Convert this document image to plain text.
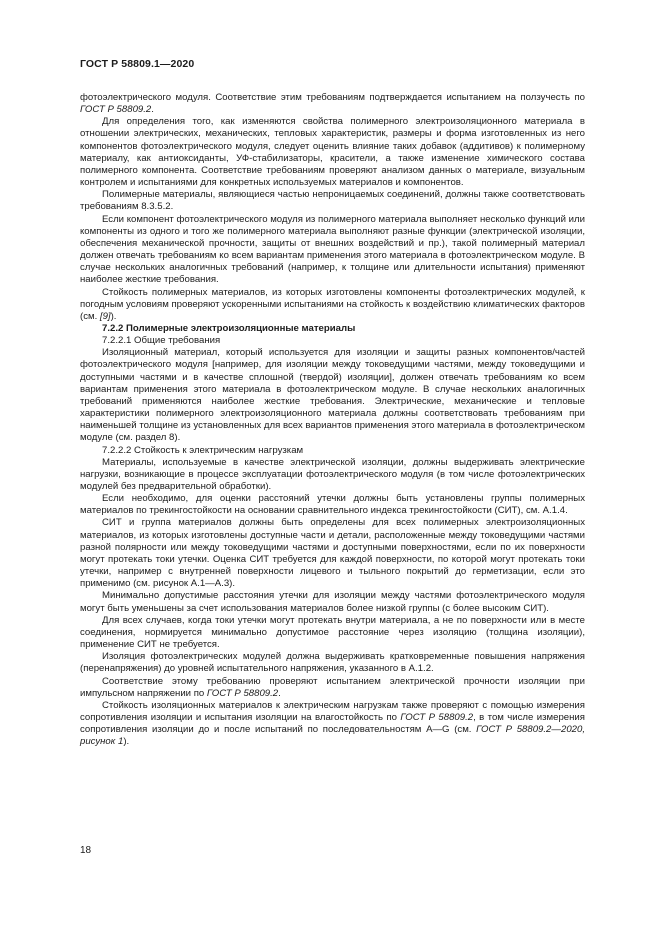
ГОСТ Р 58809.1—2020

фотоэлектрического модуля. Соответствие этим требованиям подтверждается испытанием на ползучесть по ГОСТ Р 58809.2.

Для определения того, как изменяются свойства полимерного электроизоляционного материала в отношении электрических, механических, тепловых характеристик, размеры и форма изготовленных из него компонентов фотоэлектрического модуля, следует оценить влияние таких добавок (аддитивов) к полимерному материалу, как антиоксиданты, УФ-стабилизаторы, красители, а также изменение химического состава полимерного компонента. Соответствие требованиям проверяют анализом данных о материале, визуальным контролем и испытаниями для конкретных используемых материалов и компонентов.

Полимерные материалы, являющиеся частью непроницаемых соединений, должны также соответствовать требованиям 8.3.5.2.

Если компонент фотоэлектрического модуля из полимерного материала выполняет несколько функций или компоненты из одного и того же полимерного материала выполняют разные функции (электрической изоляции, обеспечения механической прочности, защиты от внешних воздействий и пр.), такой полимерный материал должен отвечать требованиям ко всем вариантам применения этого материала в фотоэлектрическом модуле. В случае нескольких аналогичных требований (например, к толщине или длительности испытания) применяют наиболее жесткие требования.

Стойкость полимерных материалов, из которых изготовлены компоненты фотоэлектрических модулей, к погодным условиям проверяют ускоренными испытаниями на стойкость к воздействию климатических факторов (см. [9]).

7.2.2 Полимерные электроизоляционные материалы

7.2.2.1 Общие требования

Изоляционный материал, который используется для изоляции и защиты разных компонентов/частей фотоэлектрического модуля [например, для изоляции между токоведущими частями, между токоведущими и доступными частями и в качестве сплошной (твердой) изоляции], должен отвечать требованиям ко всем вариантам применения этого материала в фотоэлектрическом модуле. В случае нескольких аналогичных требований применяются наиболее жесткие требования. Электрические, механические и тепловые характеристики полимерного электроизоляционного материала должны соответствовать требованиям при наименьшей толщине из установленных для всех вариантов применения этого материала в фотоэлектрическом модуле (см. раздел 8).

7.2.2.2 Стойкость к электрическим нагрузкам

Материалы, используемые в качестве электрической изоляции, должны выдерживать электрические нагрузки, возникающие в процессе эксплуатации фотоэлектрического модуля (в том числе фотоэлектрических модулей без предварительной обработки).

Если необходимо, для оценки расстояний утечки должны быть установлены группы полимерных материалов по трекингостойкости на основании сравнительного индекса трекингостойкости (СИТ), см. А.1.4.

СИТ и группа материалов должны быть определены для всех полимерных электроизоляционных материалов, из которых изготовлены доступные части и детали, расположенные между токоведущими частями разной полярности или между токоведущими частями и доступными поверхностями, если по их поверхности могут протекать токи утечки. Оценка СИТ требуется для каждой поверхности, по которой могут протекать токи утечки, например с внутренней поверхности лицевого и тыльного покрытий до герметизации, если это применимо (см. рисунок А.1—А.3).

Минимально допустимые расстояния утечки для изоляции между частями фотоэлектрического модуля могут быть уменьшены за счет использования материалов более низкой группы (с более высоким СИТ).

Для всех случаев, когда токи утечки могут протекать внутри материала, а не по поверхности или в месте соединения, нормируется минимально допустимое расстояние через изоляцию (толщина изоляции), применение СИТ не требуется.

Изоляция фотоэлектрических модулей должна выдерживать кратковременные повышения напряжения (перенапряжения) до уровней испытательного напряжения, указанного в А.1.2.

Соответствие этому требованию проверяют испытанием электрической прочности изоляции при импульсном напряжении по ГОСТ Р 58809.2.

Стойкость изоляционных материалов к электрическим нагрузкам также проверяют с помощью измерения сопротивления изоляции и испытания изоляции на влагостойкость по ГОСТ Р 58809.2, в том числе измерения сопротивления изоляции до и после испытаний по последовательностям А—G (см. ГОСТ Р 58809.2—2020, рисунок 1).

18
